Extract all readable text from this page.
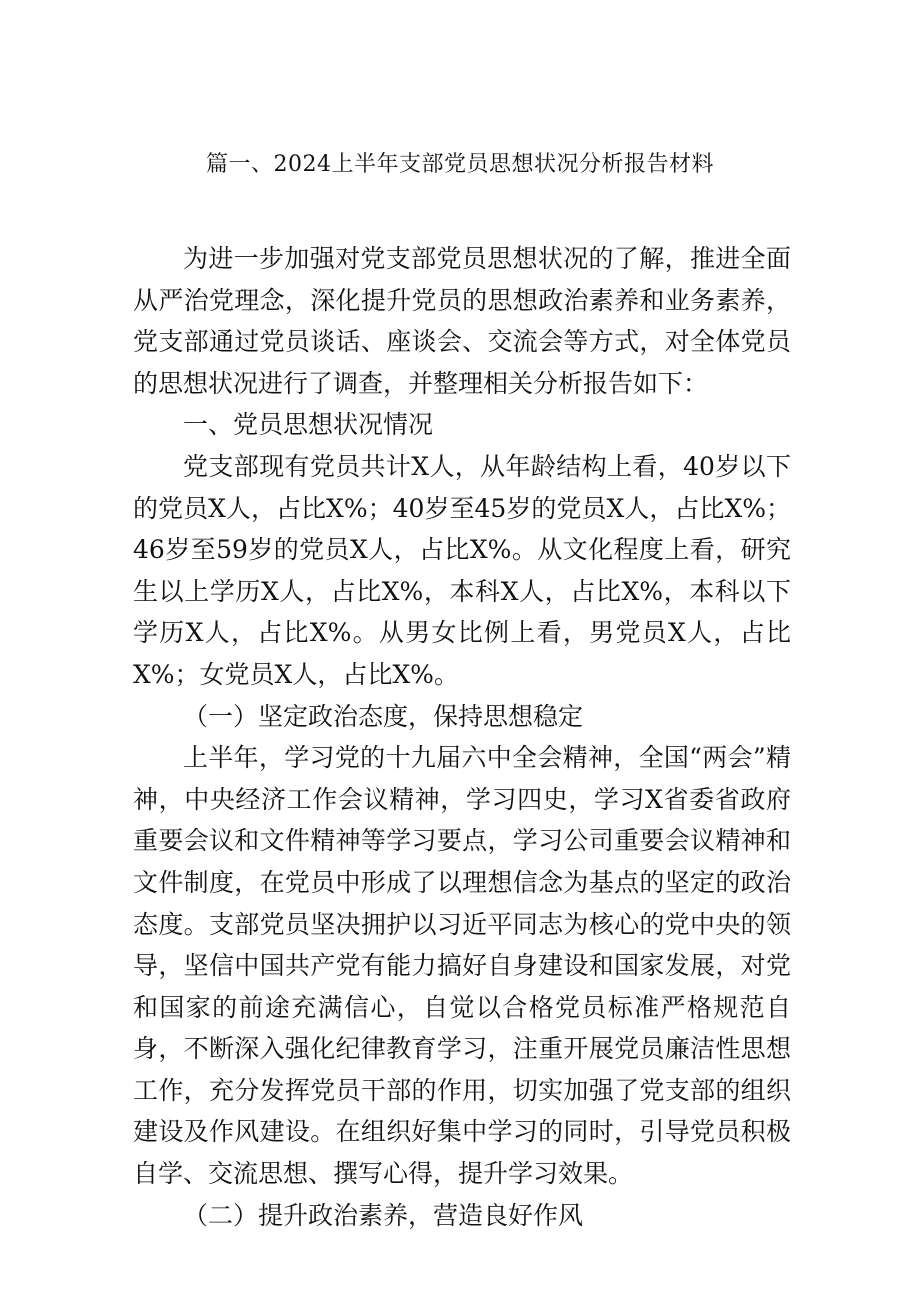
篇一、2024上半年支部党员思想状况分析报告材料

为进一步加强对党支部党员思想状况的了解，推进全面从严治党理念，深化提升党员的思想政治素养和业务素养，党支部通过党员谈话、座谈会、交流会等方式，对全体党员的思想状况进行了调查，并整理相关分析报告如下：

一、党员思想状况情况

党支部现有党员共计X人，从年龄结构上看，40岁以下的党员X人，占比X%；40岁至45岁的党员X人，占比X%；46岁至59岁的党员X人，占比X%。从文化程度上看，研究生以上学历X人，占比X%，本科X人，占比X%，本科以下学历X人，占比X%。从男女比例上看，男党员X人，占比X%；女党员X人，占比X%。

（一）坚定政治态度，保持思想稳定

上半年，学习党的十九届六中全会精神，全国“两会”精神，中央经济工作会议精神，学习四史，学习X省委省政府重要会议和文件精神等学习要点，学习公司重要会议精神和文件制度，在党员中形成了以理想信念为基点的坚定的政治态度。支部党员坚决拥护以习近平同志为核心的党中央的领导，坚信中国共产党有能力搞好自身建设和国家发展，对党和国家的前途充满信心，自觉以合格党员标准严格规范自身，不断深入强化纪律教育学习，注重开展党员廉洁性思想工作，充分发挥党员干部的作用，切实加强了党支部的组织建设及作风建设。在组织好集中学习的同时，引导党员积极自学、交流思想、撰写心得，提升学习效果。

（二）提升政治素养，营造良好作风
